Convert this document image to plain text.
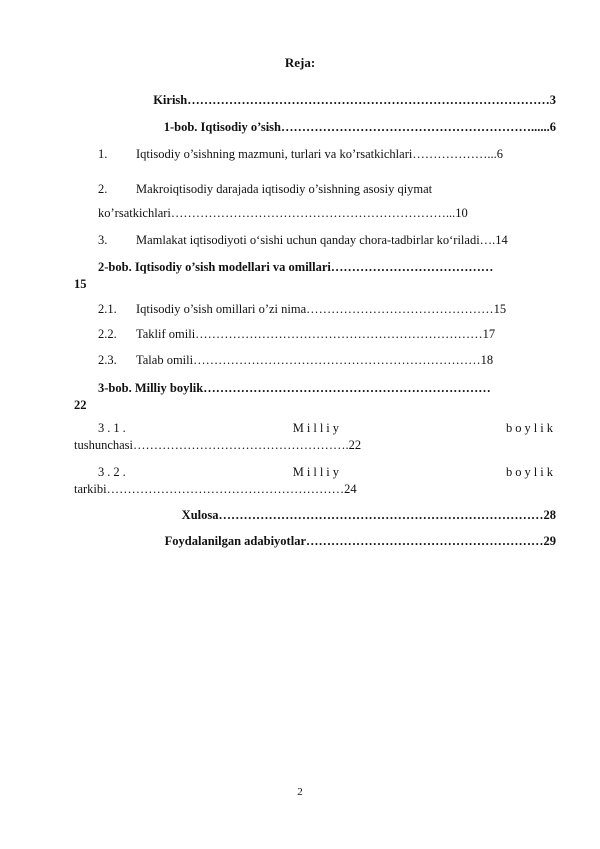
Reja:
Kirish……………………………………………………………………………3
1-bob. Iqtisodiy o’sish……………………………………………………......6
1. Iqtisodiy o’sishning mazmuni, turlari va ko’rsatkichlari………………...6
2. Makroiqtisodiy darajada iqtisodiy o’sishning asosiy qiymat
ko’rsatkichlari…………………………………………………………...10
3. Mamlakat iqtisodiyoti o‘sishi uchun qanday chora-tadbirlar ko‘riladi….14
2-bob. Iqtisodiy o’sish modellari va omillari…………………………………
15
2.1. Iqtisodiy o’sish omillari o’zi nima………………………………………15
2.2. Taklif omili……………………………………………………………17
2.3. Talab omili……………………………………………………………18
3-bob. Milliy boylik……………………………………………………………
22
3.1.	Milliy	boylik
tushunchasi…………………………………………….22
3.2.	Milliy	boylik
tarkibi…………………………………………………24
Xulosa……………………………………………………………………28
Foydalanilgan adabiyotlar…………………………………………………29
2
